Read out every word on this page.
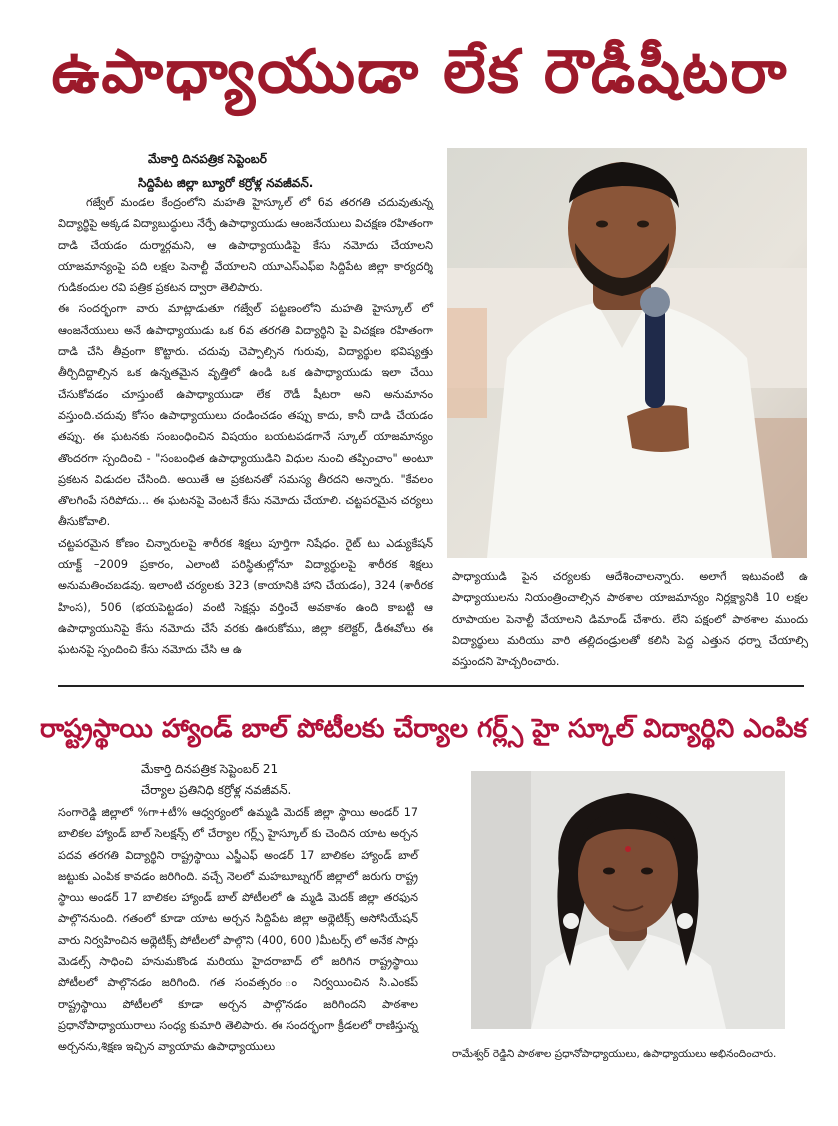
ఉపాధ్యాయుడా లేక రౌడీషీటరా
మేకార్తి దినపత్రిక సెప్టెంబర్
సిద్దిపేట జిల్లా బ్యూరో కర్రోళ్ల నవజీవన్.

గజ్వేల్ మండల కేంద్రంలోని మహతి హైస్కూల్ లో 6వ తరగతి చదువుతున్న విద్యార్థిపై అక్కడ విద్యాబుద్ధులు నేర్పే ఉపాధ్యాయుడు ఆంజనేయులు విచక్షణ రహితంగా దాడి చేయడం దుర్మార్గమని, ఆ ఉపాధ్యాయుడిపై కేసు నమోదు చేయాలని యాజమాన్యంపై పది లక్షల పెనాల్టీ వేయాలని యూఎస్ఎఫ్ఐ సిద్దిపేట జిల్లా కార్యదర్శి గుడికందుల రవి పత్రిక ప్రకటన ద్వారా తెలిపారు.

ఈ సందర్భంగా వారు మాట్లాడుతూ గజ్వేల్ పట్టణంలోని మహతి హైస్కూల్ లో ఆంజనేయులు అనే ఉపాధ్యాయుడు ఒక 6వ తరగతి విద్యార్థిని పై విచక్షణ రహితంగా దాడి చేసి తీవ్రంగా కొట్టారు. చదువు చెప్పాల్సిన గురువు, విద్యార్థుల భవిష్యత్తు తీర్చిదిద్దాల్సిన ఒక ఉన్నతమైన వృత్తిలో ఉండి ఒక ఉపాధ్యాయుడు ఇలా చేయి చేసుకోవడం చూస్తుంటే ఉపాధ్యాయుడా లేక రౌడీ షీటరా అని అనుమానం వస్తుంది.చదువు కోసం ఉపాధ్యాయులు దండించడం తప్పు కాదు, కానీ దాడి చేయడం తప్పు. ఈ ఘటనకు సంబంధించిన విషయం బయటపడగానే స్కూల్ యాజమాన్యం తొందరగా స్పందించి - "సంబంధిత ఉపాధ్యాయుడిని విధుల నుంచి తప్పించాం" అంటూ ప్రకటన విడుదల చేసింది. అయితే ఆ ప్రకటనతో సమస్య తీరదని అన్నారు. "కేవలం తొలగింపే సరిపోదు... ఈ ఘటనపై వెంటనే కేసు నమోదు చేయాలి. చట్టపరమైన చర్యలు తీసుకోవాలి.

చట్టపరమైన కోణం చిన్నారులపై శారీరక శిక్షలు పూర్తిగా నిషేధం. రైట్ టు ఎడ్యుకేషన్ యాక్ట్ –2009 ప్రకారం, ఎలాంటి పరిస్థితుల్లోనూ విద్యార్థులపై శారీరక శిక్షలు అనుమతించబడవు. ఇలాంటి చర్యలకు 323 (కాయానికి హాని చేయడం), 324 (శారీరక హింస), 506 (భయపెట్టడం) వంటి సెక్షన్లు వర్తించే అవకాశం ఉంది కాబట్టి ఆ ఉపాధ్యాయునిపై కేసు నమోదు చేసే వరకు ఊరుకోము, జిల్లా కలెక్టర్, డీఈవోలు ఈ ఘటనపై స్పందించి కేసు నమోదు చేసి ఆ ఉ

పాధ్యాయుడి పైన చర్యలకు ఆదేశించాలన్నారు. అలాగే ఇటువంటి ఉ పాధ్యాయులను నియంత్రించాల్సిన పాఠశాల యాజమాన్యం నిర్లక్ష్యానికి 10 లక్షల రూపాయల పెనాల్టీ వేయాలని డిమాండ్ చేశారు. లేని పక్షంలో పాఠశాల ముందు విద్యార్థులు మరియు వారి తల్లిదండ్రులతో కలిసి పెద్ద ఎత్తున ధర్నా చేయాల్సి వస్తుందని హెచ్చరించారు.
రాష్ట్రస్థాయి హ్యాండ్ బాల్ పోటీలకు చేర్యాల గర్ల్స్ హై స్కూల్ విద్యార్థిని ఎంపిక
మేకార్తి దినపత్రిక సెప్టెంబర్ 21
చేర్యాల ప్రతినిధి కర్రోళ్ల నవజీవన్.

సంగారెడ్డి జిల్లాలో %గా+టీ% ఆధ్వర్యంలో ఉమ్మడి మెదక్ జిల్లా స్థాయి అండర్ 17 బాలికల హ్యాండ్ బాల్ సెలక్షన్స్ లో చేర్యాల గర్ల్స్ హైస్కూల్ కు చెందిన యాట అర్చన పదవ తరగతి విద్యార్థిని రాష్ట్రస్థాయి ఎస్జీఎఫ్ అండర్ 17 బాలికల హ్యాండ్ బాల్ జట్టుకు ఎంపిక కావడం జరిగింది. వచ్చే నెలలో మహబూబ్నగర్ జిల్లాలో జరుగు రాష్ట్ర స్థాయి అండర్ 17 బాలికల హ్యాండ్ బాల్ పోటీలలో ఉ మ్మడి మెదక్ జిల్లా తరఫున పాల్గొననుంది. గతంలో కూడా యాట అర్చన సిద్దిపేట జిల్లా అథ్లెటిక్స్ అసోసియేషన్ వారు నిర్వహించిన అథ్లెటిక్స్ పోటీలలో పాల్గొని (400, 600 )మీటర్స్ లో అనేక సార్లు మెడల్స్ సాధించి హనుమకొండ మరియు హైదరాబాద్ లో జరిగిన రాష్ట్రస్థాయి పోటీలలో పాల్గొనడం జరిగింది. గత సంవత్సరం ం నిర్వయించిన సి.ఎంకప్ రాష్ట్రస్థాయి పోటీలలో కూడా అర్చన పాల్గొనడం జరిగిందని పాఠశాల ప్రధానోపాధ్యాయురాలు సంధ్య కుమారి తెలిపారు. ఈ సందర్భంగా క్రీడలలో రాణిస్తున్న అర్చనను,శిక్షణ ఇచ్చిన వ్యాయామ ఉపాధ్యాయులు

రామేశ్వర్ రెడ్డిని పాఠశాల ప్రధానోపాధ్యాయులు, ఉపాధ్యాయులు అభినందించారు.
